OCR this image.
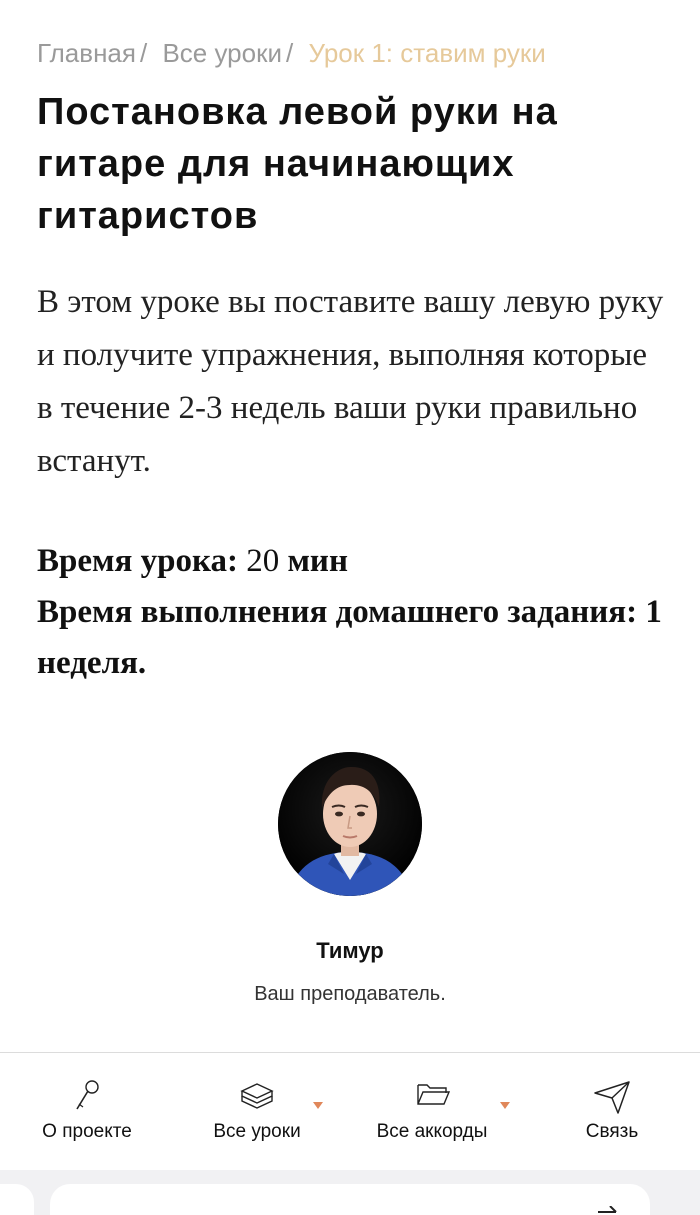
Главная / Все уроки / Урок 1: ставим руки
Постановка левой руки на гитаре для начинающих гитаристов

В этом уроке вы поставите вашу левую руку и получите упражнения, выполняя которые в течение 2-3 недель ваши руки правильно встанут.

Время урока: 20 мин
Время выполнения домашнего задания: 1 неделя.
Тимур
Ваш преподаватель.
О проекте	Все уроки	Все аккорды	Связь
